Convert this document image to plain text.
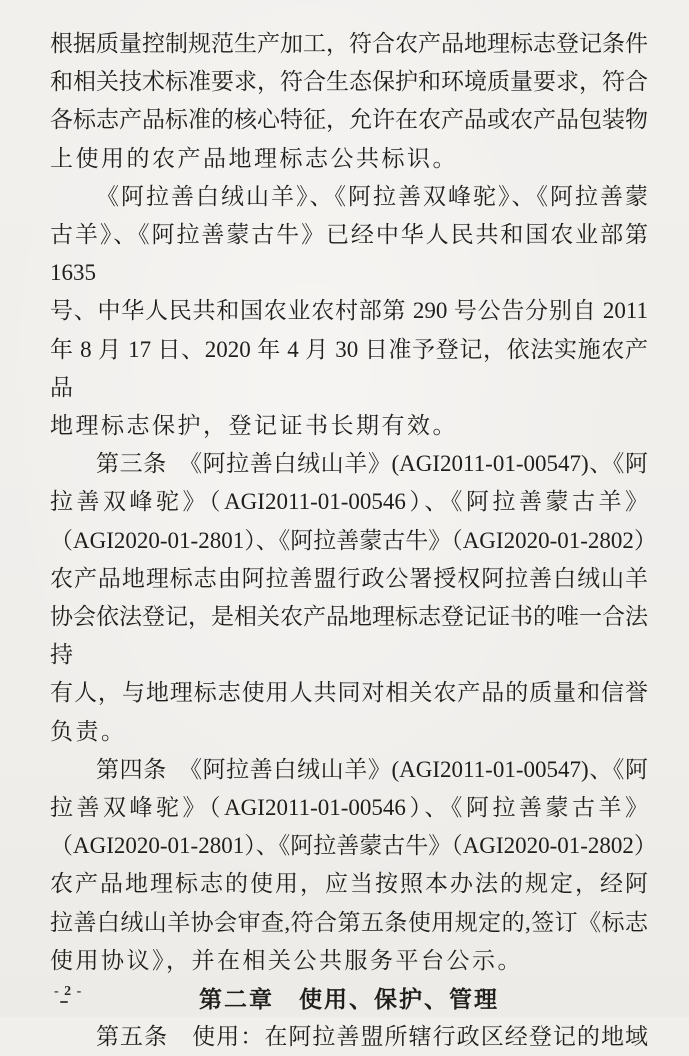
根据质量控制规范生产加工，符合农产品地理标志登记条件

和相关技术标准要求，符合生态保护和环境质量要求，符合

各标志产品标准的核心特征，允许在农产品或农产品包装物

上使用的农产品地理标志公共标识。

《阿拉善白绒山羊》、《阿拉善双峰驼》、《阿拉善蒙

古羊》、《阿拉善蒙古牛》已经中华人民共和国农业部第 1635

号、中华人民共和国农业农村部第 290 号公告分别自 2011

年 8 月 17 日、2020 年 4 月 30 日准予登记，依法实施农产品

地理标志保护，登记证书长期有效。

第三条　《阿拉善白绒山羊》(AGI2011-01-00547)、《阿

拉善双峰驼》（AGI2011-01-00546）、《阿拉善蒙古羊》

（AGI2020-01-2801）、《阿拉善蒙古牛》（AGI2020-01-2802）

农产品地理标志由阿拉善盟行政公署授权阿拉善白绒山羊

协会依法登记，是相关农产品地理标志登记证书的唯一合法持

有人，与地理标志使用人共同对相关农产品的质量和信誉

负责。

第四条　《阿拉善白绒山羊》(AGI2011-01-00547)、《阿

拉善双峰驼》（AGI2011-01-00546）、《阿拉善蒙古羊》

（AGI2020-01-2801）、《阿拉善蒙古牛》（AGI2020-01-2802）

农产品地理标志的使用，应当按照本办法的规定，经阿

拉善白绒山羊协会审查,符合第五条使用规定的,签订《标志

使用协议》，并在相关公共服务平台公示。

第二章　使用、保护、管理

第五条　使用：在阿拉善盟所辖行政区经登记的地域

- 2 -
